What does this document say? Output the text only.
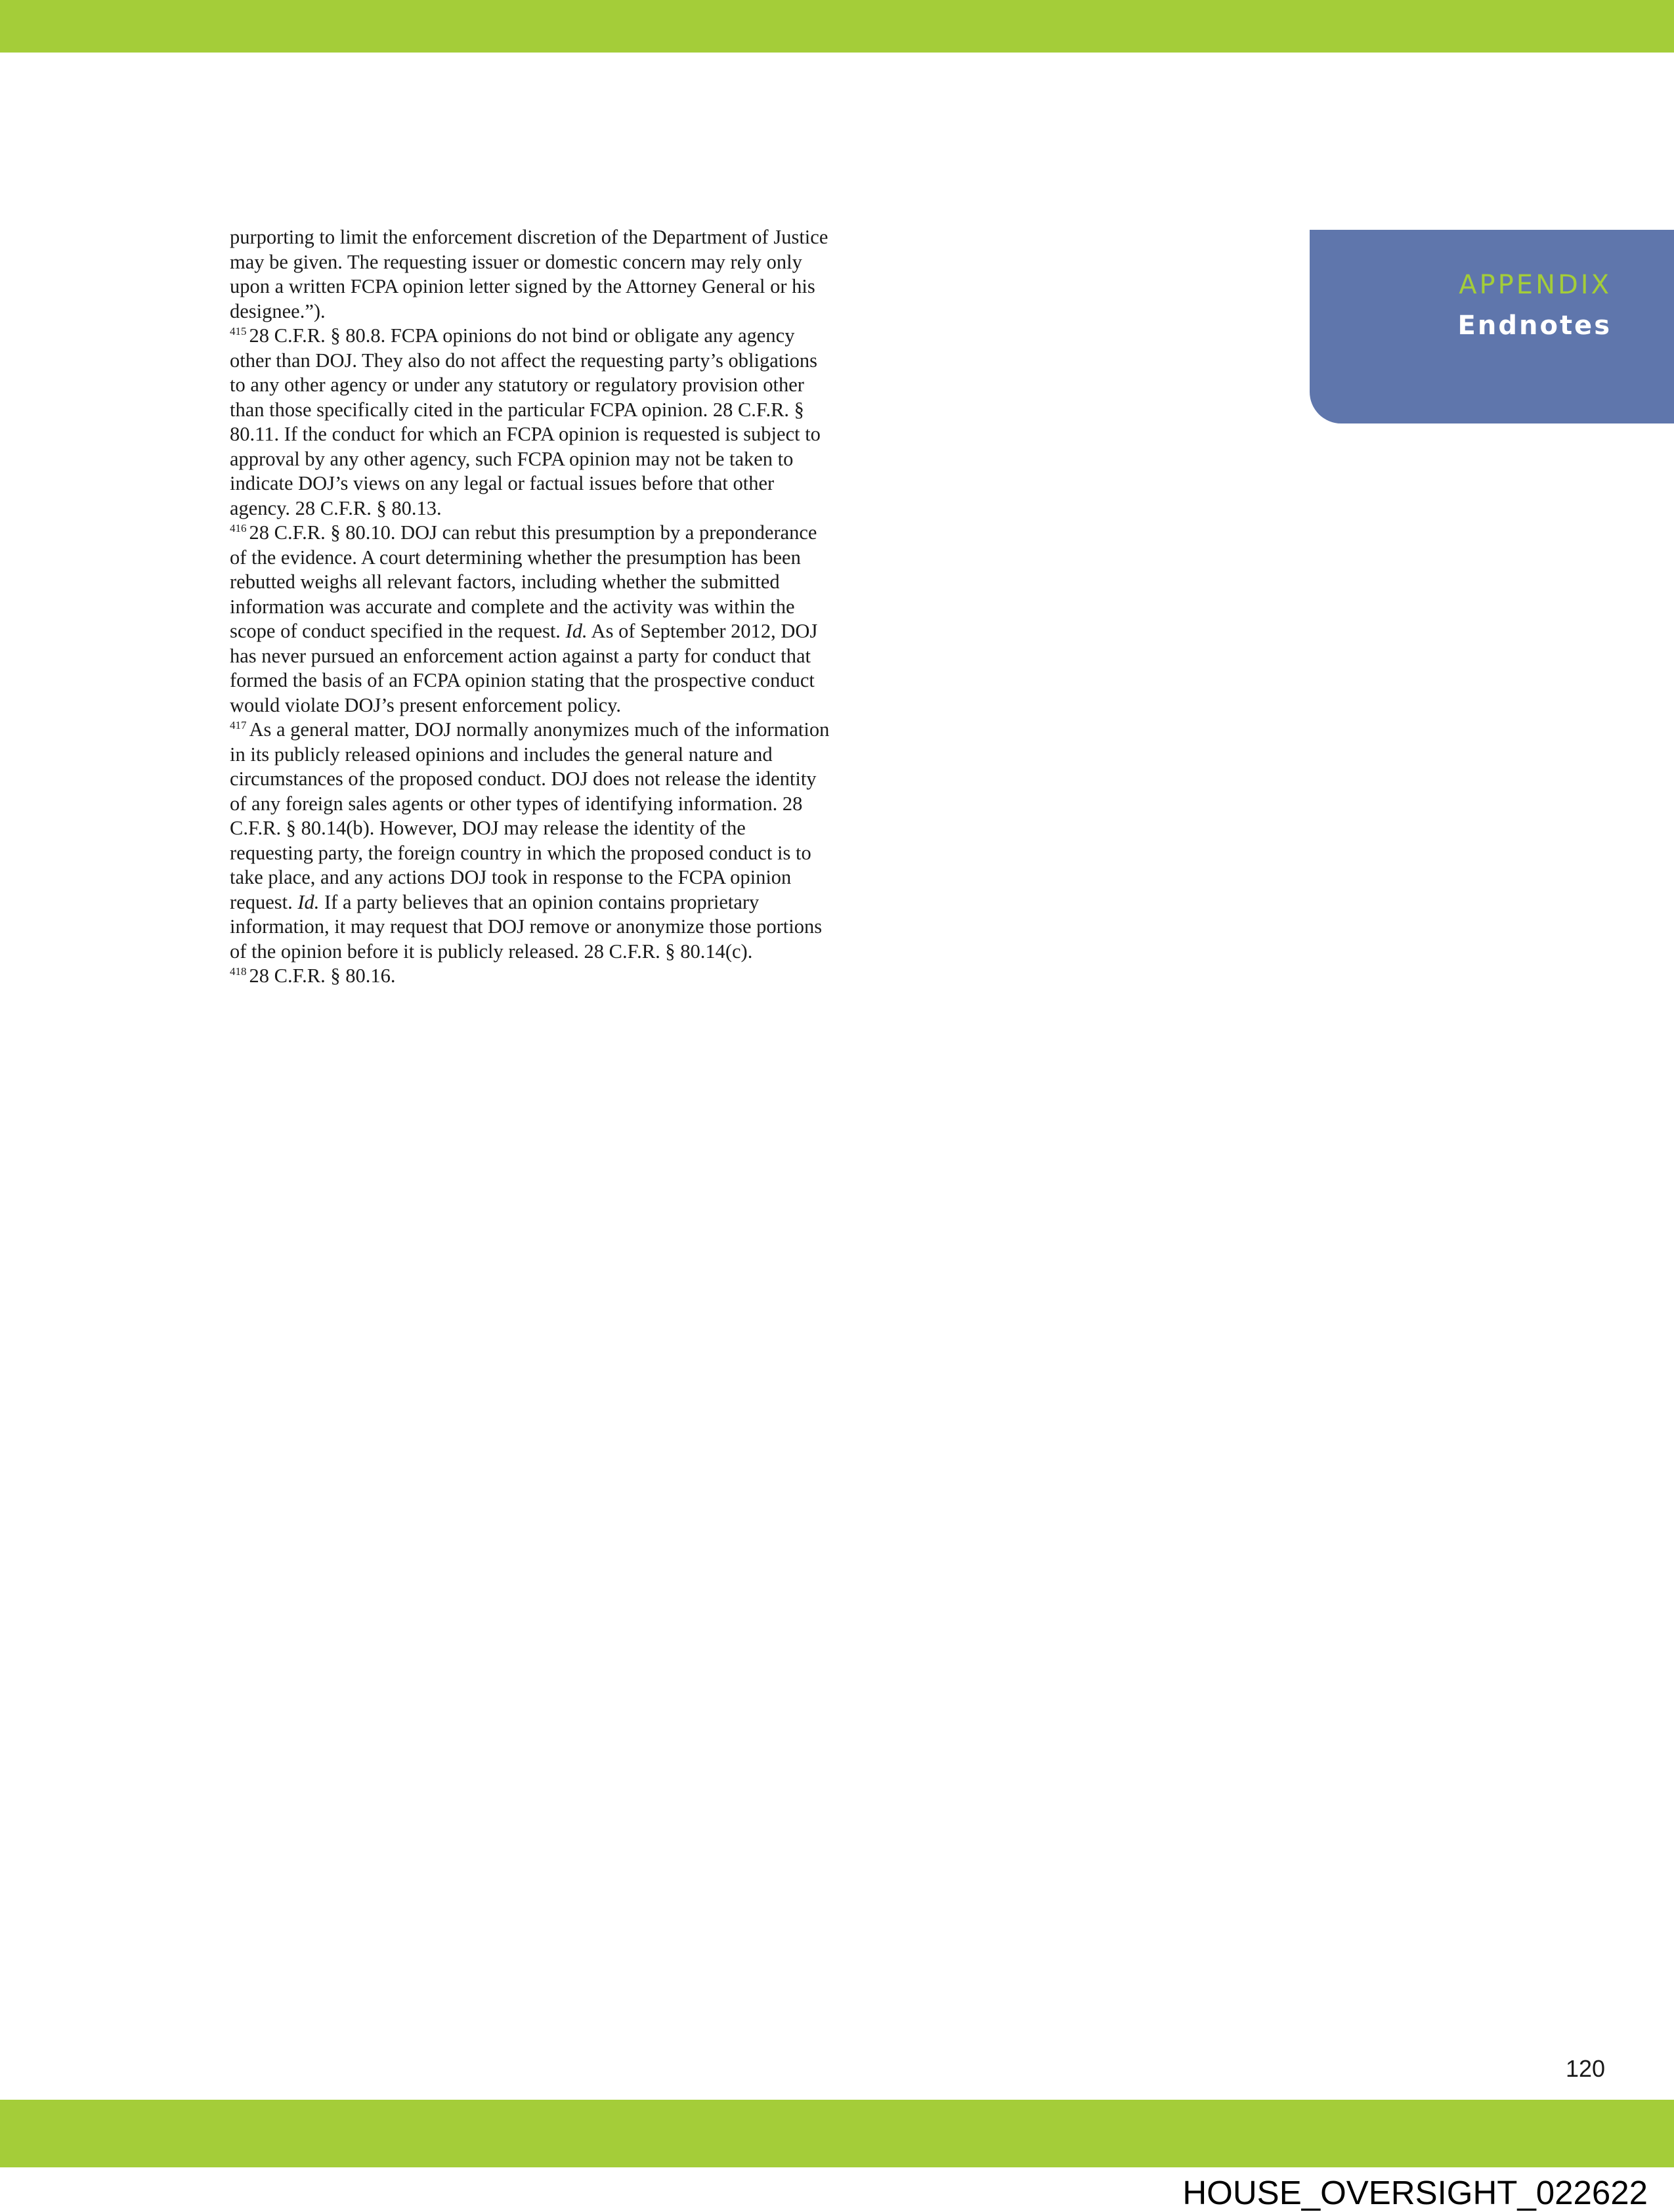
APPENDIX
Endnotes

purporting to limit the enforcement discretion of the Department of Justice may be given. The requesting issuer or domestic concern may rely only upon a written FCPA opinion letter signed by the Attorney General or his designee.”).

$^{415}$ 28 C.F.R. § 80.8. FCPA opinions do not bind or obligate any agency other than DOJ. They also do not affect the requesting party’s obligations to any other agency or under any statutory or regulatory provision other than those specifically cited in the particular FCPA opinion. 28 C.F.R. § 80.11. If the conduct for which an FCPA opinion is requested is subject to approval by any other agency, such FCPA opinion may not be taken to indicate DOJ’s views on any legal or factual issues before that other agency. 28 C.F.R. § 80.13.

$^{416}$ 28 C.F.R. § 80.10. DOJ can rebut this presumption by a preponderance of the evidence. A court determining whether the presumption has been rebutted weighs all relevant factors, including whether the submitted information was accurate and complete and the activity was within the scope of conduct specified in the request. Id. As of September 2012, DOJ has never pursued an enforcement action against a party for conduct that formed the basis of an FCPA opinion stating that the prospective conduct would violate DOJ’s present enforcement policy.

$^{417}$ As a general matter, DOJ normally anonymizes much of the information in its publicly released opinions and includes the general nature and circumstances of the proposed conduct. DOJ does not release the identity of any foreign sales agents or other types of identifying information. 28 C.F.R. § 80.14(b). However, DOJ may release the identity of the requesting party, the foreign country in which the proposed conduct is to take place, and any actions DOJ took in response to the FCPA opinion request. Id. If a party believes that an opinion contains proprietary information, it may request that DOJ remove or anonymize those portions of the opinion before it is publicly released. 28 C.F.R. § 80.14(c).

$^{418}$ 28 C.F.R. § 80.16.

120
HOUSE_OVERSIGHT_022622
